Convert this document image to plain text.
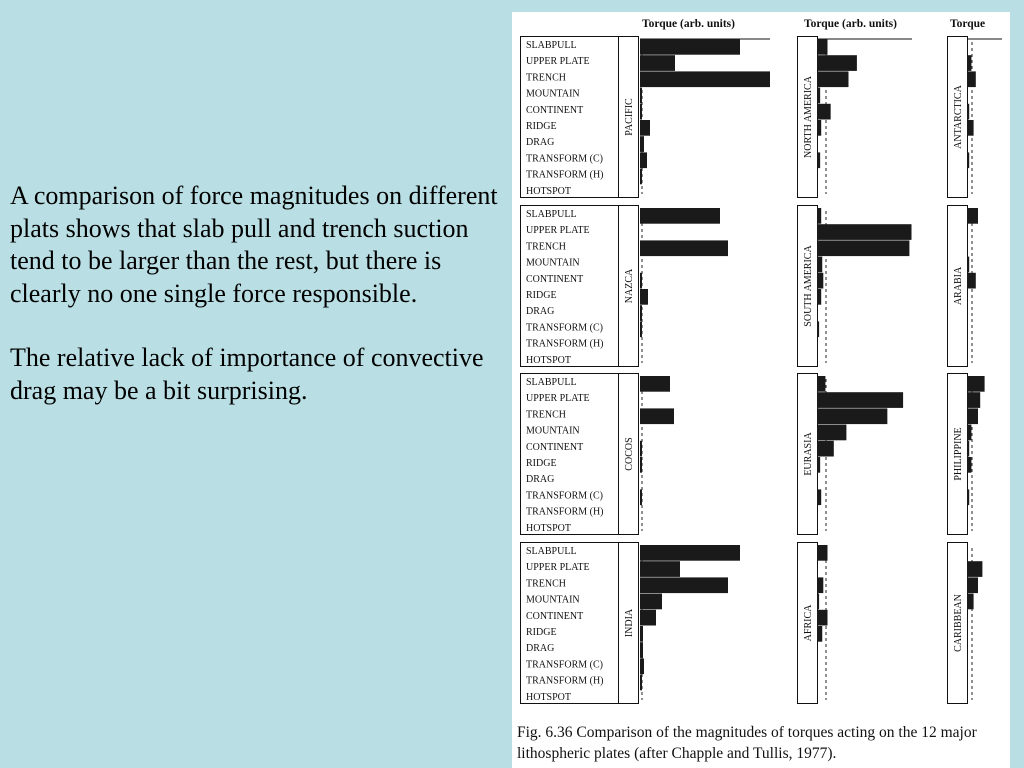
A comparison of force magnitudes on different plats shows that slab pull and trench suction tend to be larger than the rest, but there is clearly no one single force responsible.

The relative lack of importance of convective drag may be a bit surprising.

Torque (arb. units)	Torque (arb. units)	Torque
SLABPULL
UPPER PLATE
TRENCH
MOUNTAIN
CONTINENT
RIDGE
DRAG
TRANSFORM (C)
TRANSFORM (H)
HOTSPOT
PACIFIC	NORTH AMERICA	ANTARCTICA
SLABPULL
UPPER PLATE
TRENCH
MOUNTAIN
CONTINENT
RIDGE
DRAG
TRANSFORM (C)
TRANSFORM (H)
HOTSPOT
NAZCA	SOUTH AMERICA	ARABIA
SLABPULL
UPPER PLATE
TRENCH
MOUNTAIN
CONTINENT
RIDGE
DRAG
TRANSFORM (C)
TRANSFORM (H)
HOTSPOT
COCOS	EURASIA	PHILIPPINE
SLABPULL
UPPER PLATE
TRENCH
MOUNTAIN
CONTINENT
RIDGE
DRAG
TRANSFORM (C)
TRANSFORM (H)
HOTSPOT
INDIA	AFRICA	CARIBBEAN
Fig. 6.36 Comparison of the magnitudes of torques acting on the 12 major lithospheric plates (after Chapple and Tullis, 1977).
